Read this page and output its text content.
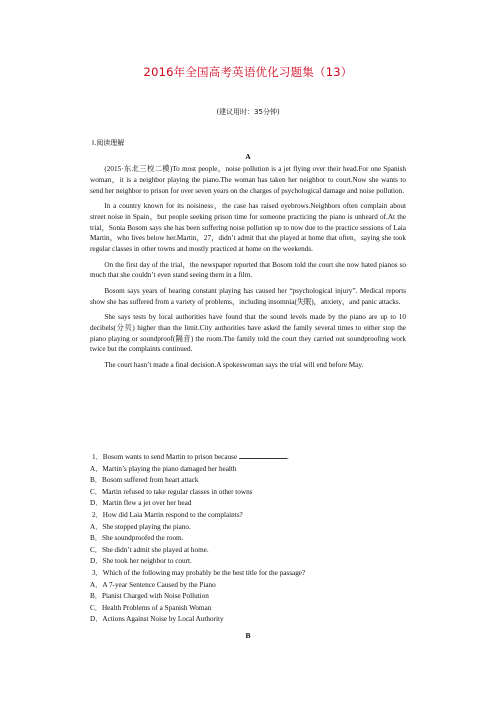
2016年全国高考英语优化习题集（13）
(建议用时：35分钟)
Ⅰ.阅读理解
A

(2015·东北三校二模)To most people，noise pollution is a jet flying over their head.For one Spanish woman，it is a neighbor playing the piano.The woman has taken her neighbor to court.Now she wants to send her neighbor to prison for over seven years on the charges of psychological damage and noise pollution.

In a country known for its noisiness，the case has raised eyebrows.Neighbors often complain about street noise in Spain，but people seeking prison time for someone practicing the piano is unheard of.At the trial，Sonia Bosom says she has been suffering noise pollution up to now due to the practice sessions of Laia Martin，who lives below her.Martin，27，didn’t admit that she played at home that often，saying she took regular classes in other towns and mostly practiced at home on the weekends.

On the first day of the trial，the newspaper reported that Bosom told the court she now hated pianos so much that she couldn’t even stand seeing them in a film.

Bosom says years of hearing constant playing has caused her “psychological injury”. Medical reports show she has suffered from a variety of problems，including insomnia(失眠)，anxiety，and panic attacks.

She says tests by local authorities have found that the sound levels made by the piano are up to 10 decibels(分贝) higher than the limit.City authorities have asked the family several times to either stop the piano playing or soundproof(隔音) the room.The family told the court they carried out soundproofing work twice but the complaints continued.

The court hasn’t made a final decision.A spokeswoman says the trial will end before May.

1．Bosom wants to send Martin to prison because	.
A．Martin’s playing the piano damaged her health
B．Bosom suffered from heart attack
C．Martin refused to take regular classes in other towns
D．Martin flew a jet over her head
2．How did Laia Martin respond to the complaints?
A．She stopped playing the piano.
B．She soundproofed the room.
C．She didn’t admit she played at home.
D．She took her neighbor to court.
3．Which of the following may probably be the best title for the passage?
A．A 7-year Sentence Caused by the Piano
B．Pianist Charged with Noise Pollution
C．Health Problems of a Spanish Woman
D．Actions Against Noise by Local Authority
B
